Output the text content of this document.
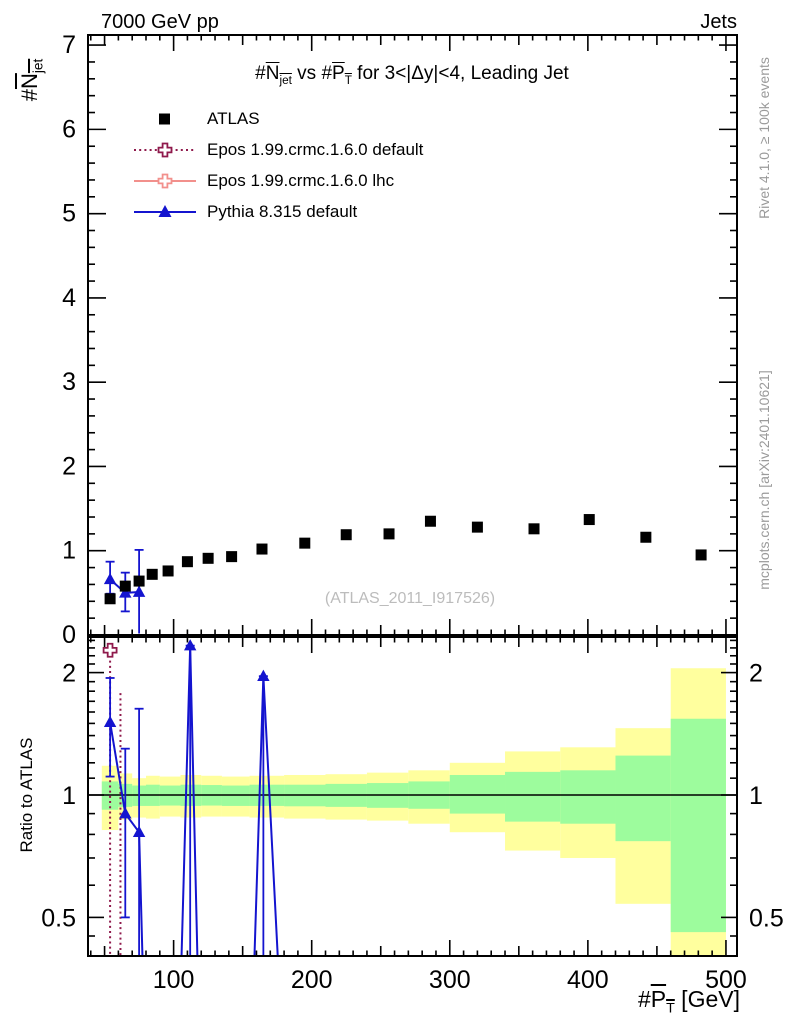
100	200	300	400	500
0
1
2
3
4
5
6
7
0.5	0.5
1	1
2	2
7000 GeV pp	Jets
$\#N_{jet}$ vs $\#P_T$ for 3<|Δy|<4, Leading Jet
ATLAS
Epos 1.99.crmc.1.6.0 default
Epos 1.99.crmc.1.6.0 lhc
Pythia 8.315 default
(ATLAS_2011_I917526)
Rivet 4.1.0, ≥ 100k events
mcplots.cern.ch [arXiv:2401.10621]
$\#N_{jet}$
Ratio to ATLAS
$\#P_T$ [GeV]
